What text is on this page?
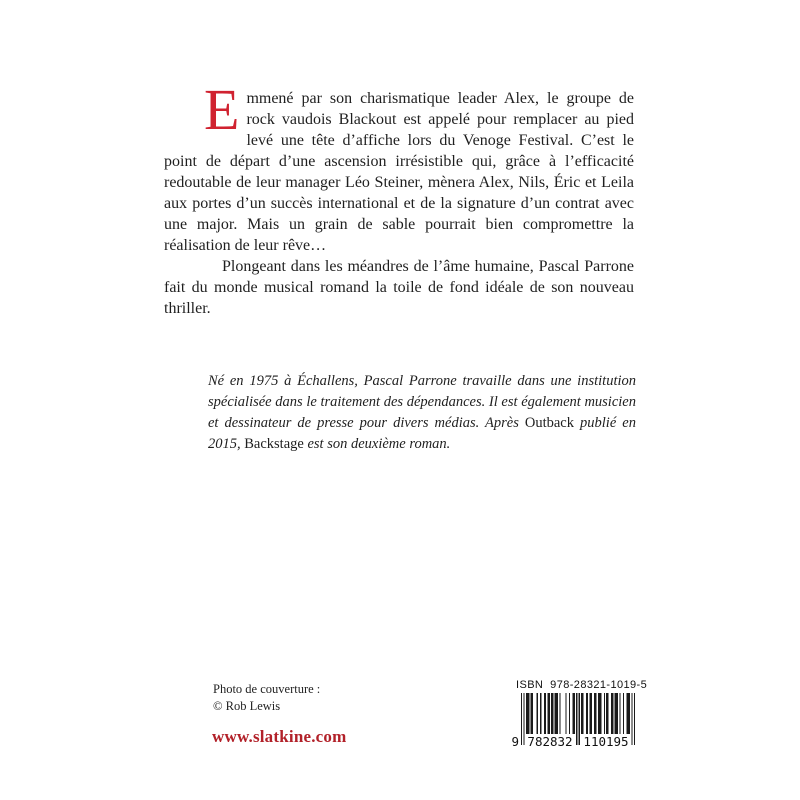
Emmené par son charismatique leader Alex, le groupe de rock vaudois Blackout est appelé pour remplacer au pied levé une tête d’affiche lors du Venoge Festival. C’est le point de départ d’une ascension irrésistible qui, grâce à l’efficacité redoutable de leur manager Léo Steiner, mènera Alex, Nils, Éric et Leila aux portes d’un succès international et de la signature d’un contrat avec une major. Mais un grain de sable pourrait bien compromettre la réalisation de leur rêve…
Plongeant dans les méandres de l’âme humaine, Pascal Parrone fait du monde musical romand la toile de fond idéale de son nouveau thriller.
Né en 1975 à Échallens, Pascal Parrone travaille dans une institution spécialisée dans le traitement des dépendances. Il est également musicien et dessinateur de presse pour divers médias. Après Outback publié en 2015, Backstage est son deuxième roman.
Photo de couverture :
© Rob Lewis
www.slatkine.com
ISBN  978-28321-1019-5
9 782832 110195
